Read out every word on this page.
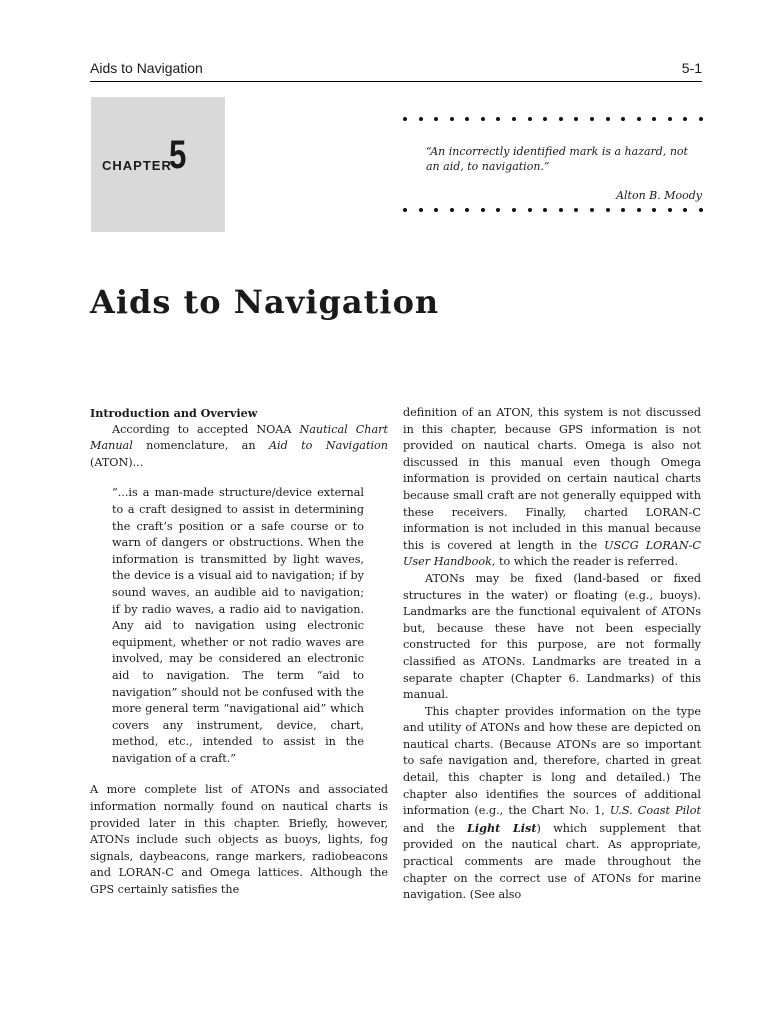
Aids to Navigation	5-1
CHAPTER
5	“An incorrectly identified mark is a hazard, not an aid, to navigation.”

Alton B. Moody

Aids to Navigation

Introduction and Overview

According to accepted NOAA Nautical Chart Manual nomenclature, an Aid to Navigation (ATON)...

“...is a man-made structure/device external to a craft designed to assist in determining the craft’s position or a safe course or to warn of dangers or obstructions. When the information is transmitted by light waves, the device is a visual aid to navigation; if by sound waves, an audible aid to navigation; if by radio waves, a radio aid to navigation. Any aid to navigation using electronic equipment, whether or not radio waves are involved, may be considered an electronic aid to navigation. The term “aid to navigation” should not be confused with the more general term “navigational aid” which covers any instrument, device, chart, method, etc., intended to assist in the navigation of a craft.”

A more complete list of ATONs and associated information normally found on nautical charts is provided later in this chapter. Briefly, however, ATONs include such objects as buoys, lights, fog signals, daybeacons, range markers, radiobeacons and LORAN-C and Omega lattices. Although the GPS certainly satisfies the

definition of an ATON, this system is not discussed in this chapter, because GPS information is not provided on nautical charts. Omega is also not discussed in this manual even though Omega information is provided on certain nautical charts because small craft are not generally equipped with these receivers. Finally, charted LORAN-C information is not included in this manual because this is covered at length in the USCG LORAN-C User Handbook, to which the reader is referred.

ATONs may be fixed (land-based or fixed structures in the water) or floating (e.g., buoys). Landmarks are the functional equivalent of ATONs but, because these have not been especially constructed for this purpose, are not formally classified as ATONs. Landmarks are treated in a separate chapter (Chapter 6. Landmarks) of this manual.

This chapter provides information on the type and utility of ATONs and how these are depicted on nautical charts. (Because ATONs are so important to safe navigation and, therefore, charted in great detail, this chapter is long and detailed.) The chapter also identifies the sources of additional information (e.g., the Chart No. 1, U.S. Coast Pilot and the Light List) which supplement that provided on the nautical chart. As appropriate, practical comments are made throughout the chapter on the correct use of ATONs for marine navigation. (See also
